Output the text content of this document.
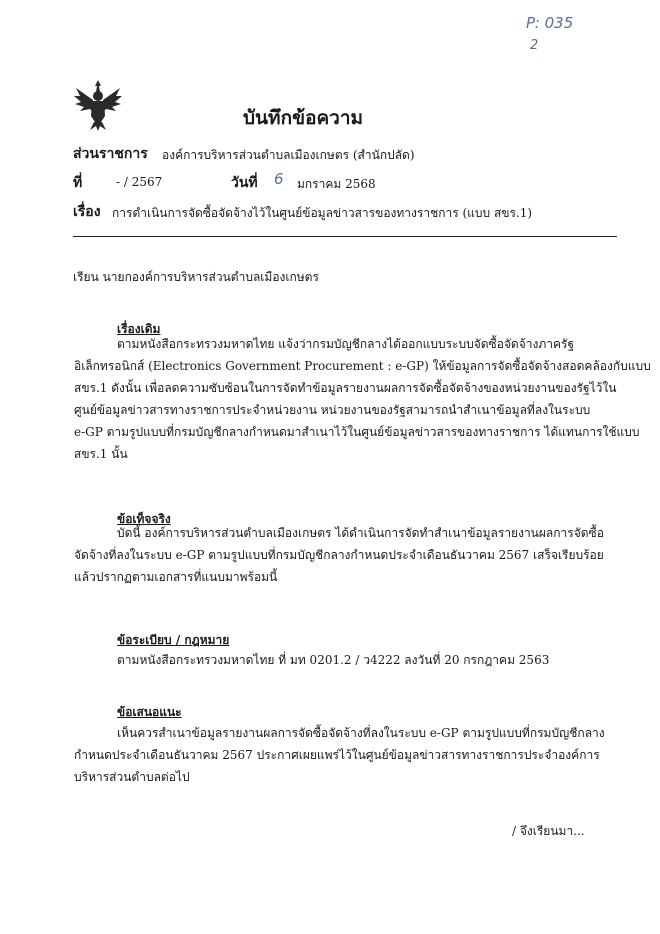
P: 035
2
บันทึกข้อความ
ส่วนราชการ องค์การบริหารส่วนตำบลเมืองเกษตร (สำนักปลัด)
ที่	- / 2567	วันที่ 6 มกราคม 2568
เรื่อง การดำเนินการจัดซื้อจัดจ้างไว้ในศูนย์ข้อมูลข่าวสารของทางราชการ (แบบ สขร.1)
เรียน นายกองค์การบริหารส่วนตำบลเมืองเกษตร
เรื่องเดิม

ตามหนังสือกระทรวงมหาดไทย แจ้งว่ากรมบัญชีกลางได้ออกแบบระบบจัดซื้อจัดจ้างภาครัฐ

อิเล็กทรอนิกส์ (Electronics Government Procurement : e-GP) ให้ข้อมูลการจัดซื้อจัดจ้างสอดคล้องกับแบบ

สขร.1 ดังนั้น เพื่อลดความซับซ้อนในการจัดทำข้อมูลรายงานผลการจัดซื้อจัดจ้างของหน่วยงานของรัฐไว้ใน

ศูนย์ข้อมูลข่าวสารทางราชการประจำหน่วยงาน หน่วยงานของรัฐสามารถนำสำเนาข้อมูลที่ลงในระบบ

e-GP ตามรูปแบบที่กรมบัญชีกลางกำหนดมาสำเนาไว้ในศูนย์ข้อมูลข่าวสารของทางราชการ ได้แทนการใช้แบบ

สขร.1 นั้น

ข้อเท็จจริง

บัดนี้ องค์การบริหารส่วนตำบลเมืองเกษตร ได้ดำเนินการจัดทำสำเนาข้อมูลรายงานผลการจัดซื้อ

จัดจ้างที่ลงในระบบ e-GP ตามรูปแบบที่กรมบัญชีกลางกำหนดประจำเดือนธันวาคม 2567 เสร็จเรียบร้อย

แล้วปรากฏตามเอกสารที่แนบมาพร้อมนี้

ข้อระเบียบ / กฎหมาย

ตามหนังสือกระทรวงมหาดไทย ที่ มท 0201.2 / ว4222 ลงวันที่ 20 กรกฎาคม 2563

ข้อเสนอแนะ

เห็นควรสำเนาข้อมูลรายงานผลการจัดซื้อจัดจ้างที่ลงในระบบ e-GP ตามรูปแบบที่กรมบัญชีกลาง

กำหนดประจำเดือนธันวาคม 2567 ประกาศเผยแพร่ไว้ในศูนย์ข้อมูลข่าวสารทางราชการประจำองค์การ

บริหารส่วนตำบลต่อไป

/ จึงเรียนมา...
